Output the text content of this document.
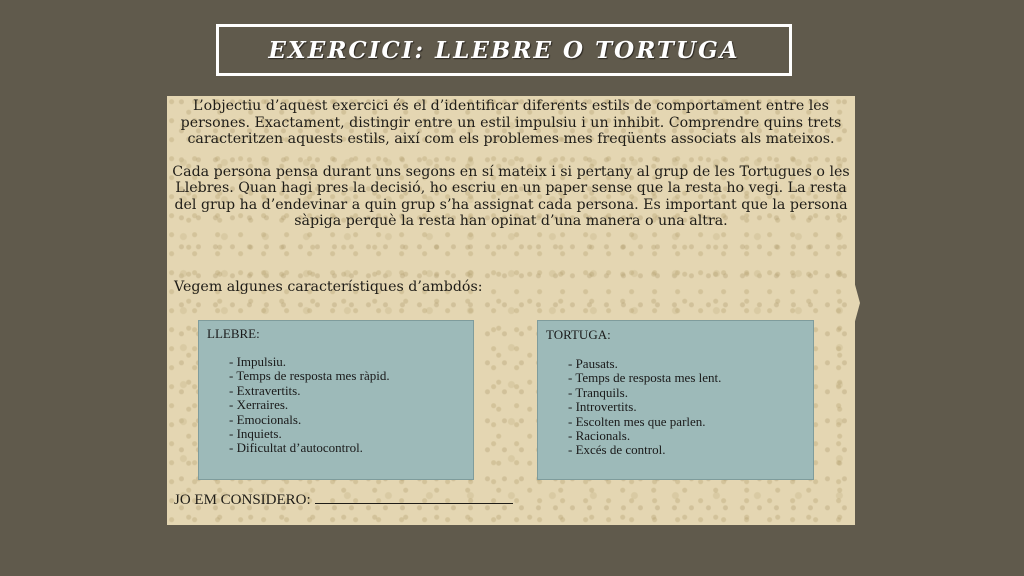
EXERCICI: LLEBRE O TORTUGA

L’objectiu d’aquest exercici és el d’identificar diferents estils de comportament entre les persones. Exactament, distingir entre un estil impulsiu i un inhibit. Comprendre quins trets caracteritzen aquests estils, així com els problemes mes freqüents associats als mateixos.

Cada persona pensa durant uns segons en sí mateix i si pertany al grup de les Tortugues o les Llebres. Quan hagi pres la decisió, ho escriu en un paper sense que la resta ho vegi. La resta del grup ha d’endevinar a quin grup s’ha assignat cada persona. Es important que la persona sàpiga perquè la resta han opinat d’una manera o una altra.

Vegem algunes característiques d’ambdós:
LLEBRE:
- Impulsiu.
- Temps de resposta mes ràpid.
- Extravertits.
- Xerraires.
- Emocionals.
- Inquiets.
- Dificultat d’autocontrol.
TORTUGA:
- Pausats.
- Temps de resposta mes lent.
- Tranquils.
- Introvertits.
- Escolten mes que parlen.
- Racionals.
- Excés de control.
JO EM CONSIDERO:
